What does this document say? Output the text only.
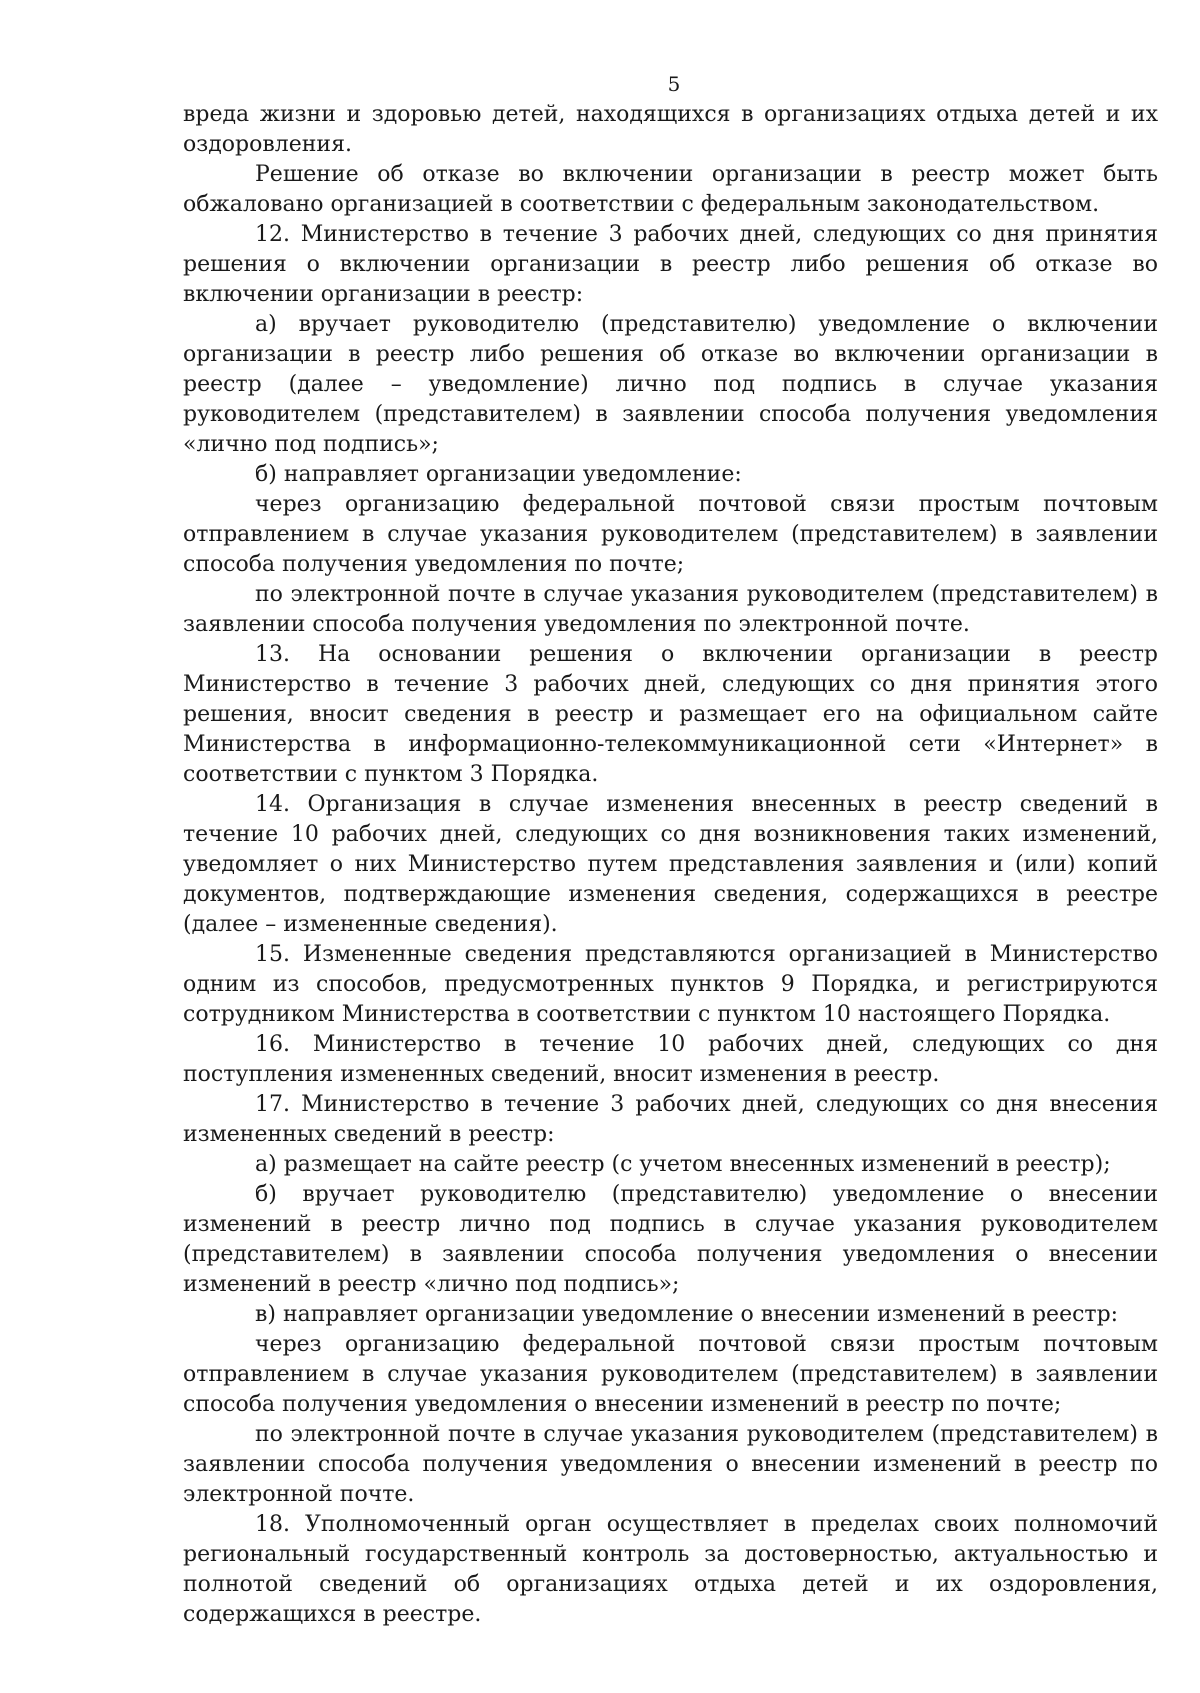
5

вреда жизни и здоровью детей, находящихся в организациях отдыха детей и их оздоровления.

Решение об отказе во включении организации в реестр может быть обжаловано организацией в соответствии с федеральным законодательством.

12. Министерство в течение 3 рабочих дней, следующих со дня принятия решения о включении организации в реестр либо решения об отказе во включении организации в реестр:

а) вручает руководителю (представителю) уведомление о включении организации в реестр либо решения об отказе во включении организации в реестр (далее – уведомление) лично под подпись в случае указания руководителем (представителем) в заявлении способа получения уведомления «лично под подпись»;

б) направляет организации уведомление:

через организацию федеральной почтовой связи простым почтовым отправлением в случае указания руководителем (представителем) в заявлении способа получения уведомления по почте;

по электронной почте в случае указания руководителем (представителем) в заявлении способа получения уведомления по электронной почте.

13. На основании решения о включении организации в реестр Министерство в течение 3 рабочих дней, следующих со дня принятия этого решения, вносит сведения в реестр и размещает его на официальном сайте Министерства в информационно-телекоммуникационной сети «Интернет» в соответствии с пунктом 3 Порядка.

14. Организация в случае изменения внесенных в реестр сведений в течение 10 рабочих дней, следующих со дня возникновения таких изменений, уведомляет о них Министерство путем представления заявления и (или) копий документов, подтверждающие изменения сведения, содержащихся в реестре (далее – измененные сведения).

15. Измененные сведения представляются организацией в Министерство одним из способов, предусмотренных пунктов 9 Порядка, и регистрируются сотрудником Министерства в соответствии с пунктом 10 настоящего Порядка.

16. Министерство в течение 10 рабочих дней, следующих со дня поступления измененных сведений, вносит изменения в реестр.

17. Министерство в течение 3 рабочих дней, следующих со дня внесения измененных сведений в реестр:

а) размещает на сайте реестр (с учетом внесенных изменений в реестр);

б) вручает руководителю (представителю) уведомление о внесении изменений в реестр лично под подпись в случае указания руководителем (представителем) в заявлении способа получения уведомления о внесении изменений в реестр «лично под подпись»;

в) направляет организации уведомление о внесении изменений в реестр:

через организацию федеральной почтовой связи простым почтовым отправлением в случае указания руководителем (представителем) в заявлении способа получения уведомления о внесении изменений в реестр по почте;

по электронной почте в случае указания руководителем (представителем) в заявлении способа получения уведомления о внесении изменений в реестр по электронной почте.

18. Уполномоченный орган осуществляет в пределах своих полномочий региональный государственный контроль за достоверностью, актуальностью и полнотой сведений об организациях отдыха детей и их оздоровления, содержащихся в реестре.
